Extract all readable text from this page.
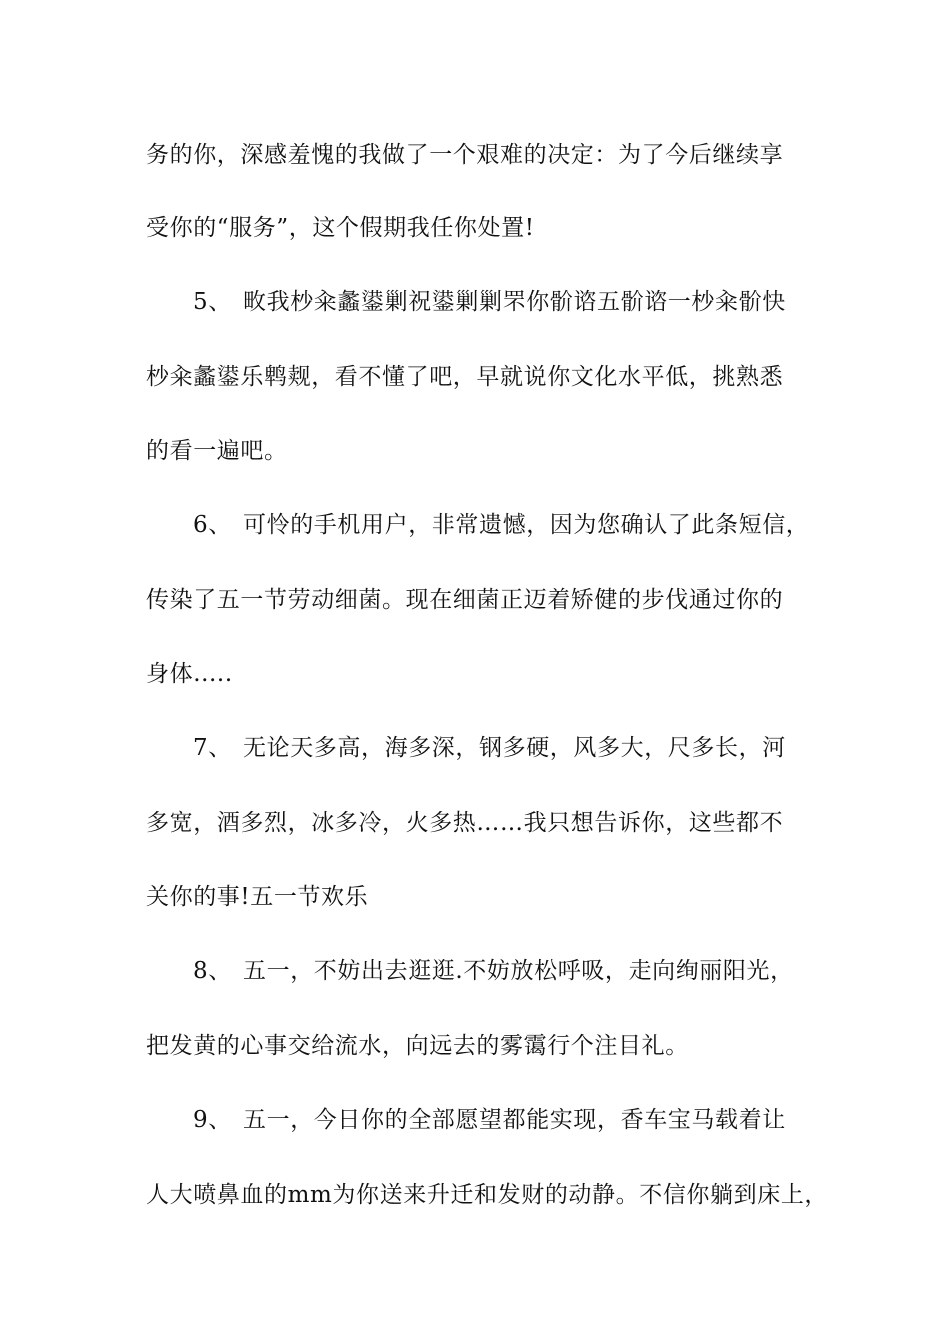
务的你，深感羞愧的我做了一个艰难的决定：为了今后继续享
受你的“服务”，这个假期我任你处置!
5、 畋我杪籴蠡鍙剿祝鍙剿剿罘你骱谘五骱谘一杪籴骱快
杪籴蠡鍙乐鹎觌，看不懂了吧，早就说你文化水平低，挑熟悉
的看一遍吧。
6、 可怜的手机用户，非常遗憾，因为您确认了此条短信，
传染了五一节劳动细菌。现在细菌正迈着矫健的步伐通过你的
身体.....
7、 无论天多高，海多深，钢多硬，风多大，尺多长，河
多宽，酒多烈，冰多冷，火多热……我只想告诉你，这些都不
关你的事!五一节欢乐
8、 五一，不妨出去逛逛.不妨放松呼吸，走向绚丽阳光，
把发黄的心事交给流水，向远去的雾霭行个注目礼。
9、 五一，今日你的全部愿望都能实现，香车宝马载着让
人大喷鼻血的mm为你送来升迁和发财的动静。不信你躺到床上，
